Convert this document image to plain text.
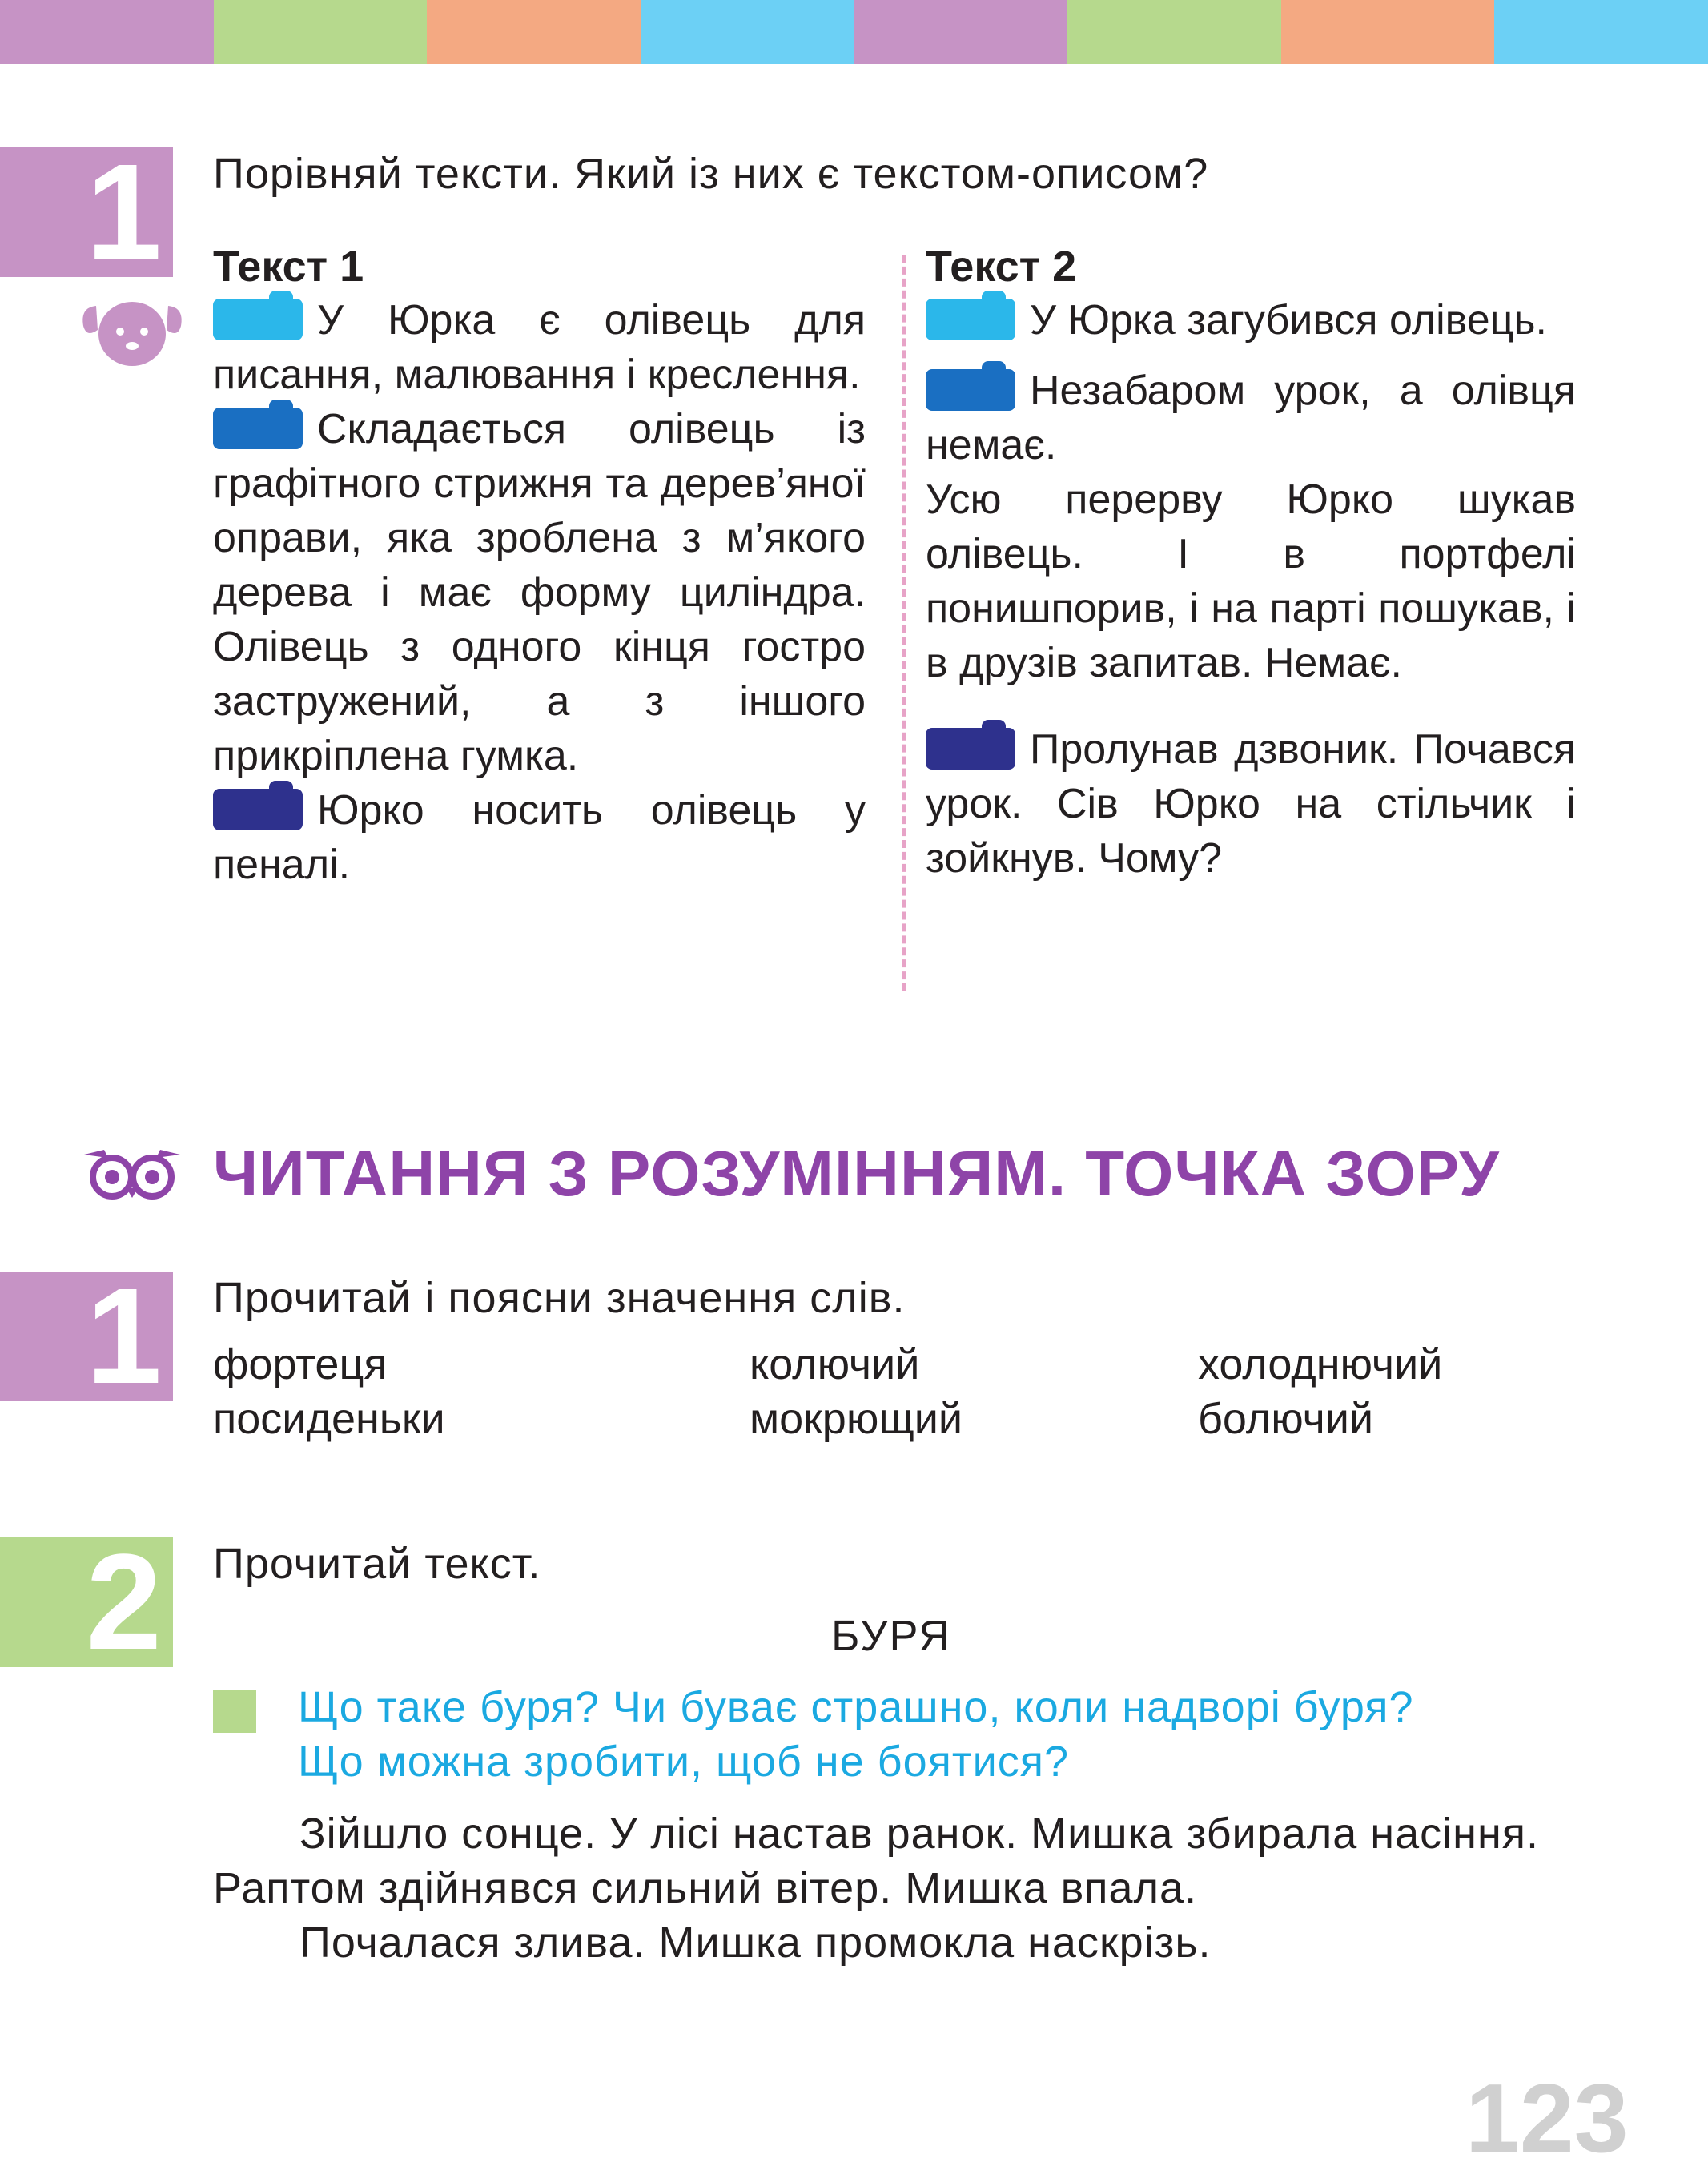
1 Порівняй тексти. Який із них є текстом-описом?

Текст 1

У Юрка є олівець для писання, малювання і креслення.

Складається олівець із графітного стрижня та дерев’яної оправи, яка зроблена з м’якого дерева і має форму циліндра. Олівець з одного кінця гостро застружений, а з іншого прикріплена гумка.

Юрко носить олівець у пеналі.

Текст 2

У Юрка загубився олівець.

Незабаром урок, а олівця немає.

Усю перерву Юрко шукав олівець. І в портфелі понишпорив, і на парті пошукав, і в друзів запитав. Немає.

Пролунав дзвоник. Почався урок. Сів Юрко на стільчик і зойкнув. Чому?

ЧИТАННЯ З РОЗУМІННЯМ. ТОЧКА ЗОРУ
1 Прочитай і поясни значення слів.
фортеця	колючий	холоднючий
посиденьки	мокрющий	болючий
2 Прочитай текст.
БУРЯ
Що таке буря? Чи буває страшно, коли надворі буря? Що можна зробити, щоб не боятися?

Зійшло сонце. У лісі настав ранок. Мишка збирала насіння. Раптом здійнявся сильний вітер. Мишка впала.

Почалася злива. Мишка промокла наскрізь.

123
